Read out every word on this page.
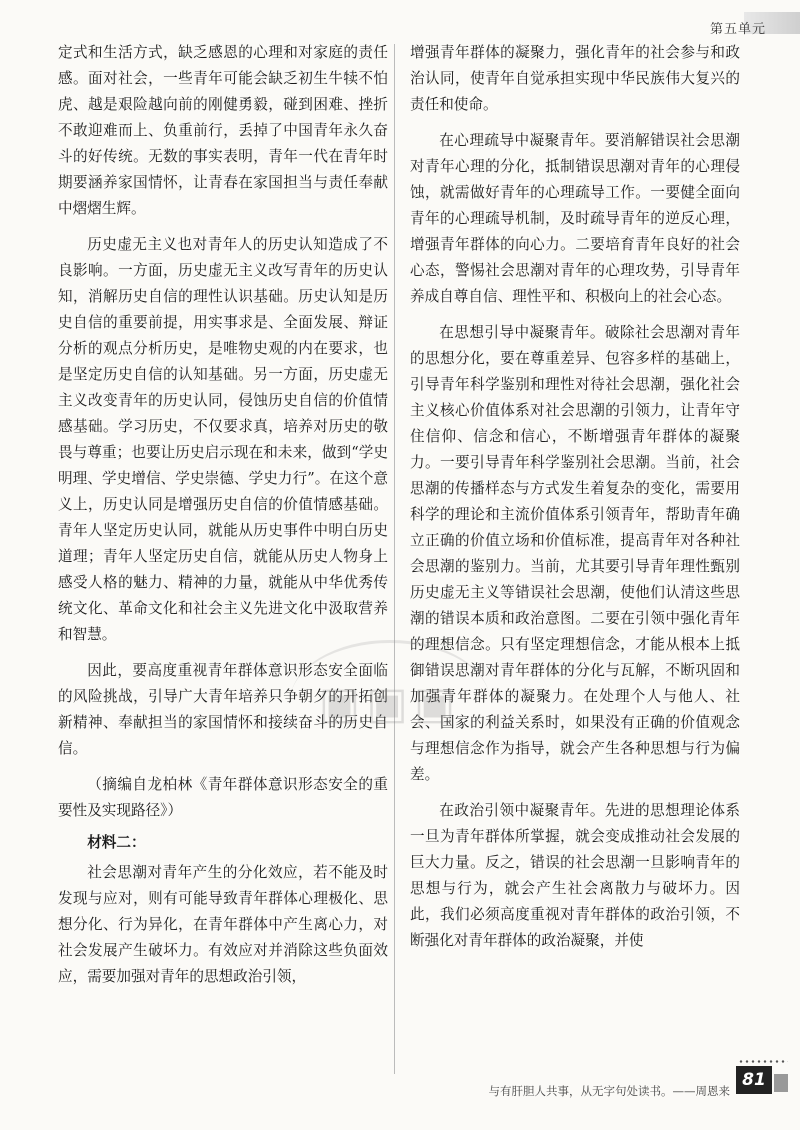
第五单元

定式和生活方式，缺乏感恩的心理和对家庭的责任感。面对社会，一些青年可能会缺乏初生牛犊不怕虎、越是艰险越向前的刚健勇毅，碰到困难、挫折不敢迎难而上、负重前行，丢掉了中国青年永久奋斗的好传统。无数的事实表明，青年一代在青年时期要涵养家国情怀，让青春在家国担当与责任奉献中熠熠生辉。

历史虚无主义也对青年人的历史认知造成了不良影响。一方面，历史虚无主义改写青年的历史认知，消解历史自信的理性认识基础。历史认知是历史自信的重要前提，用实事求是、全面发展、辩证分析的观点分析历史，是唯物史观的内在要求，也是坚定历史自信的认知基础。另一方面，历史虚无主义改变青年的历史认同，侵蚀历史自信的价值情感基础。学习历史，不仅要求真，培养对历史的敬畏与尊重；也要让历史启示现在和未来，做到“学史明理、学史增信、学史崇德、学史力行”。在这个意义上，历史认同是增强历史自信的价值情感基础。青年人坚定历史认同，就能从历史事件中明白历史道理；青年人坚定历史自信，就能从历史人物身上感受人格的魅力、精神的力量，就能从中华优秀传统文化、革命文化和社会主义先进文化中汲取营养和智慧。

因此，要高度重视青年群体意识形态安全面临的风险挑战，引导广大青年培养只争朝夕的开拓创新精神、奉献担当的家国情怀和接续奋斗的历史自信。

（摘编自龙柏林《青年群体意识形态安全的重要性及实现路径》）

材料二：

社会思潮对青年产生的分化效应，若不能及时发现与应对，则有可能导致青年群体心理极化、思想分化、行为异化，在青年群体中产生离心力，对社会发展产生破坏力。有效应对并消除这些负面效应，需要加强对青年的思想政治引领，

增强青年群体的凝聚力，强化青年的社会参与和政治认同，使青年自觉承担实现中华民族伟大复兴的责任和使命。

在心理疏导中凝聚青年。要消解错误社会思潮对青年心理的分化，抵制错误思潮对青年的心理侵蚀，就需做好青年的心理疏导工作。一要健全面向青年的心理疏导机制，及时疏导青年的逆反心理，增强青年群体的向心力。二要培育青年良好的社会心态，警惕社会思潮对青年的心理攻势，引导青年养成自尊自信、理性平和、积极向上的社会心态。

在思想引导中凝聚青年。破除社会思潮对青年的思想分化，要在尊重差异、包容多样的基础上，引导青年科学鉴别和理性对待社会思潮，强化社会主义核心价值体系对社会思潮的引领力，让青年守住信仰、信念和信心，不断增强青年群体的凝聚力。一要引导青年科学鉴别社会思潮。当前，社会思潮的传播样态与方式发生着复杂的变化，需要用科学的理论和主流价值体系引领青年，帮助青年确立正确的价值立场和价值标准，提高青年对各种社会思潮的鉴别力。当前，尤其要引导青年理性甄别历史虚无主义等错误社会思潮，使他们认清这些思潮的错误本质和政治意图。二要在引领中强化青年的理想信念。只有坚定理想信念，才能从根本上抵御错误思潮对青年群体的分化与瓦解，不断巩固和加强青年群体的凝聚力。在处理个人与他人、社会、国家的利益关系时，如果没有正确的价值观念与理想信念作为指导，就会产生各种思想与行为偏差。

在政治引领中凝聚青年。先进的思想理论体系一旦为青年群体所掌握，就会变成推动社会发展的巨大力量。反之，错误的社会思潮一旦影响青年的思想与行为，就会产生社会离散力与破坏力。因此，我们必须高度重视对青年群体的政治引领，不断强化对青年群体的政治凝聚，并使

▣▣▣
与有肝胆人共事，从无字句处读书。——周恩来
81
